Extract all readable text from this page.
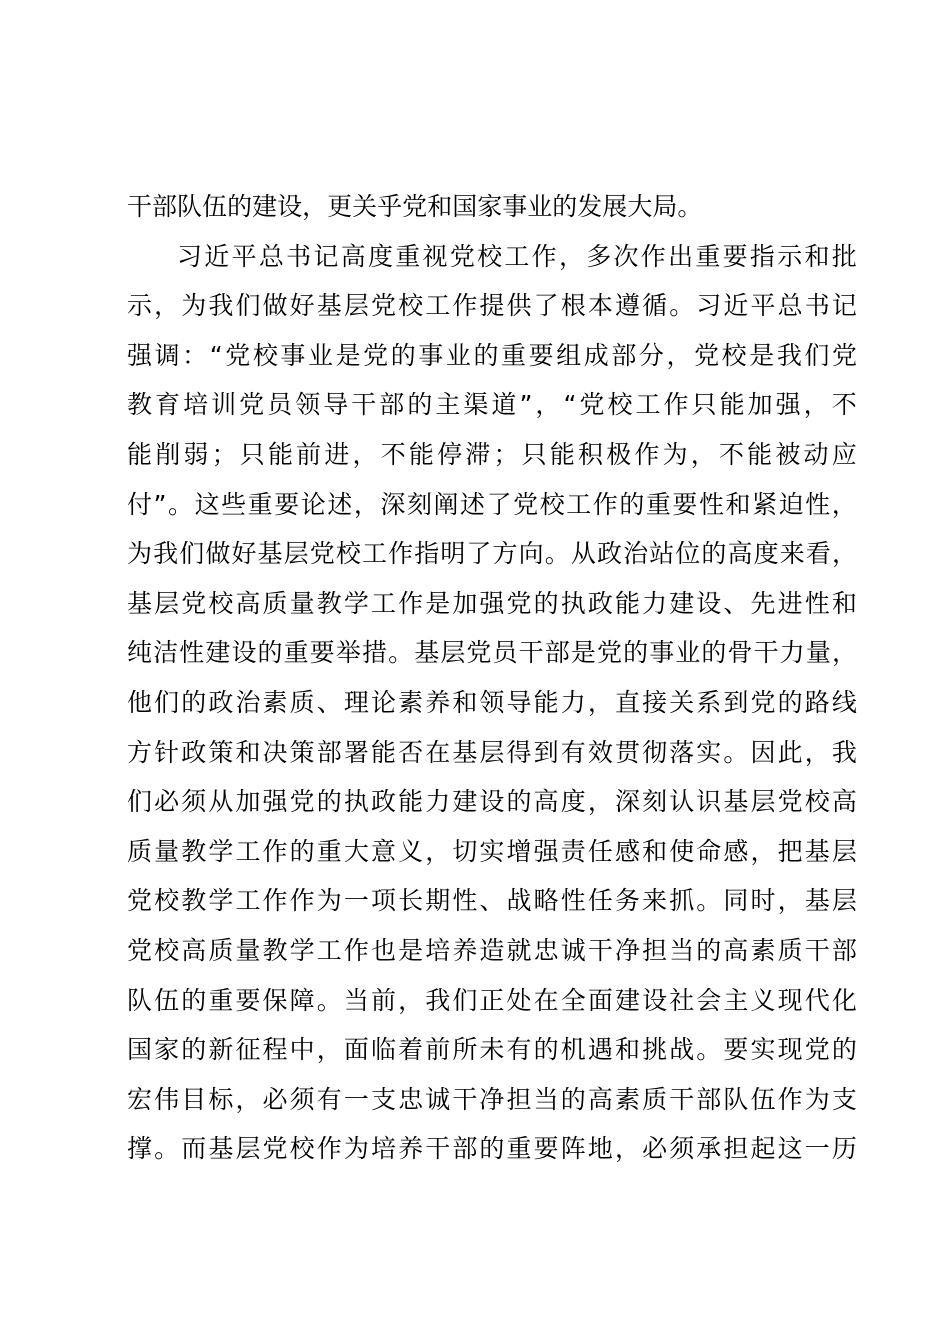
干 部 队 伍 的 建 设 ， 更 关 乎 党 和 国 家 事 业 的 发 展 大 局 。
习 近 平 总 书 记 高 度 重 视 党 校 工 作 ， 多 次 作 出 重 要 指 示 和 批
示 ， 为 我 们 做 好 基 层 党 校 工 作 提 供 了 根 本 遵 循 。 习 近 平 总 书 记
强 调 ： “ 党 校 事 业 是 党 的 事 业 的 重 要 组 成 部 分 ， 党 校 是 我 们 党
教 育 培 训 党 员 领 导 干 部 的 主 渠 道 ” ， “ 党 校 工 作 只 能 加 强 ， 不
能 削 弱 ； 只 能 前 进 ， 不 能 停 滞 ； 只 能 积 极 作 为 ， 不 能 被 动 应
付 ” 。 这 些 重 要 论 述 ， 深 刻 阐 述 了 党 校 工 作 的 重 要 性 和 紧 迫 性 ，
为 我 们 做 好 基 层 党 校 工 作 指 明 了 方 向 。 从 政 治 站 位 的 高 度 来 看 ，
基 层 党 校 高 质 量 教 学 工 作 是 加 强 党 的 执 政 能 力 建 设 、 先 进 性 和
纯 洁 性 建 设 的 重 要 举 措 。 基 层 党 员 干 部 是 党 的 事 业 的 骨 干 力 量 ，
他 们 的 政 治 素 质 、 理 论 素 养 和 领 导 能 力 ， 直 接 关 系 到 党 的 路 线
方 针 政 策 和 决 策 部 署 能 否 在 基 层 得 到 有 效 贯 彻 落 实 。 因 此 ， 我
们 必 须 从 加 强 党 的 执 政 能 力 建 设 的 高 度 ， 深 刻 认 识 基 层 党 校 高
质 量 教 学 工 作 的 重 大 意 义 ， 切 实 增 强 责 任 感 和 使 命 感 ， 把 基 层
党 校 教 学 工 作 作 为 一 项 长 期 性 、 战 略 性 任 务 来 抓 。 同 时 ， 基 层
党 校 高 质 量 教 学 工 作 也 是 培 养 造 就 忠 诚 干 净 担 当 的 高 素 质 干 部
队 伍 的 重 要 保 障 。 当 前 ， 我 们 正 处 在 全 面 建 设 社 会 主 义 现 代 化
国 家 的 新 征 程 中 ， 面 临 着 前 所 未 有 的 机 遇 和 挑 战 。 要 实 现 党 的
宏 伟 目 标 ， 必 须 有 一 支 忠 诚 干 净 担 当 的 高 素 质 干 部 队 伍 作 为 支
撑 。 而 基 层 党 校 作 为 培 养 干 部 的 重 要 阵 地 ， 必 须 承 担 起 这 一 历
